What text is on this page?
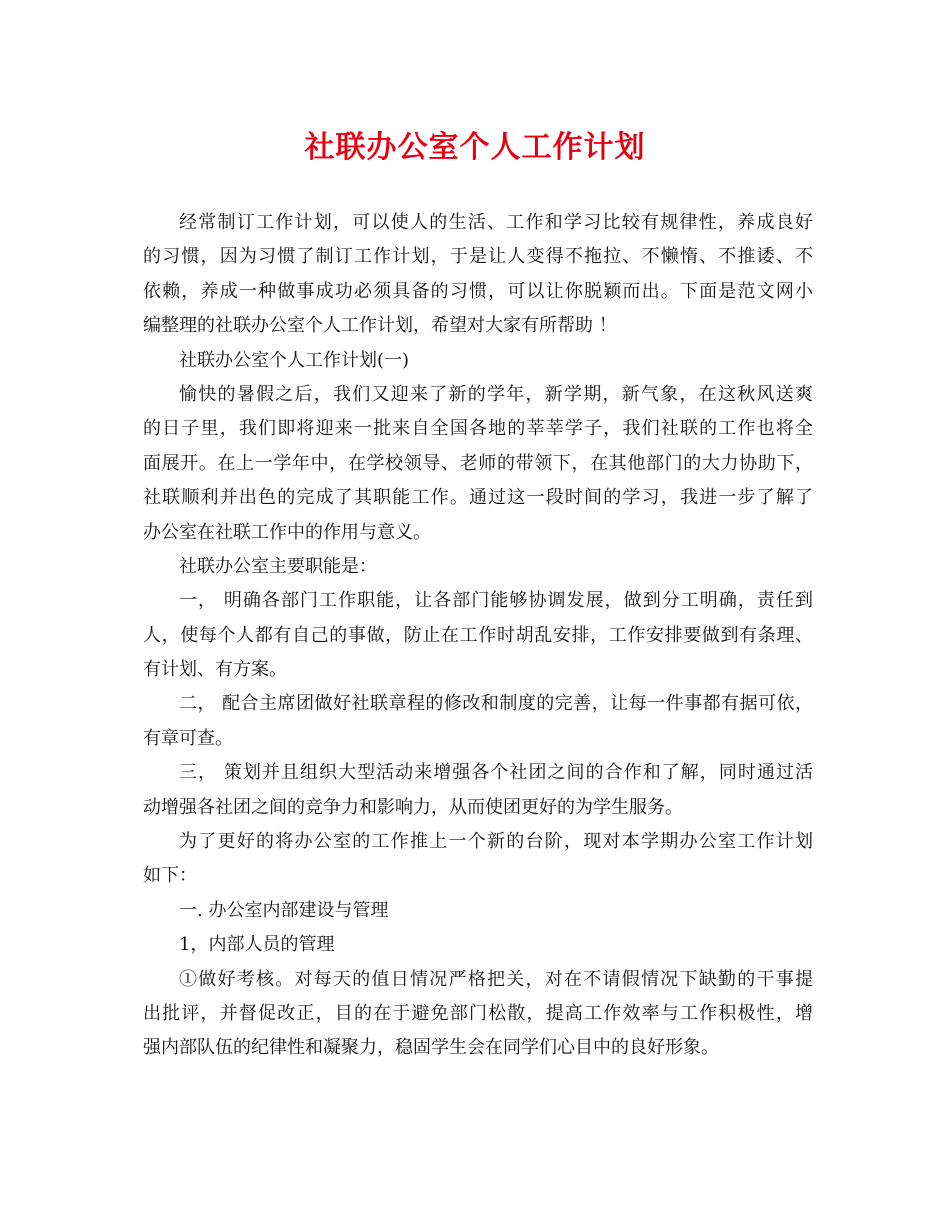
社联办公室个人工作计划
经常制订工作计划，可以使人的生活、工作和学习比较有规律性，养成良好
的习惯，因为习惯了制订工作计划，于是让人变得不拖拉、不懒惰、不推诿、不
依赖，养成一种做事成功必须具备的习惯，可以让你脱颖而出。下面是范文网小
编整理的社联办公室个人工作计划，希望对大家有所帮助 ！
社联办公室个人工作计划(一)
愉快的暑假之后，我们又迎来了新的学年，新学期，新气象，在这秋风送爽
的日子里，我们即将迎来一批来自全国各地的莘莘学子，我们社联的工作也将全
面展开。在上一学年中，在学校领导、老师的带领下，在其他部门的大力协助下，
社联顺利并出色的完成了其职能工作。通过这一段时间的学习，我进一步了解了
办公室在社联工作中的作用与意义。
社联办公室主要职能是：
一， 明确各部门工作职能，让各部门能够协调发展，做到分工明确，责任到
人，使每个人都有自己的事做，防止在工作时胡乱安排，工作安排要做到有条理、
有计划、有方案。
二， 配合主席团做好社联章程的修改和制度的完善，让每一件事都有据可依，
有章可查。
三， 策划并且组织大型活动来增强各个社团之间的合作和了解，同时通过活
动增强各社团之间的竞争力和影响力，从而使团更好的为学生服务。
为了更好的将办公室的工作推上一个新的台阶，现对本学期办公室工作计划
如下：
一. 办公室内部建设与管理
1，内部人员的管理
①做好考核。对每天的值日情况严格把关，对在不请假情况下缺勤的干事提
出批评，并督促改正，目的在于避免部门松散，提高工作效率与工作积极性，增
强内部队伍的纪律性和凝聚力，稳固学生会在同学们心目中的良好形象。
